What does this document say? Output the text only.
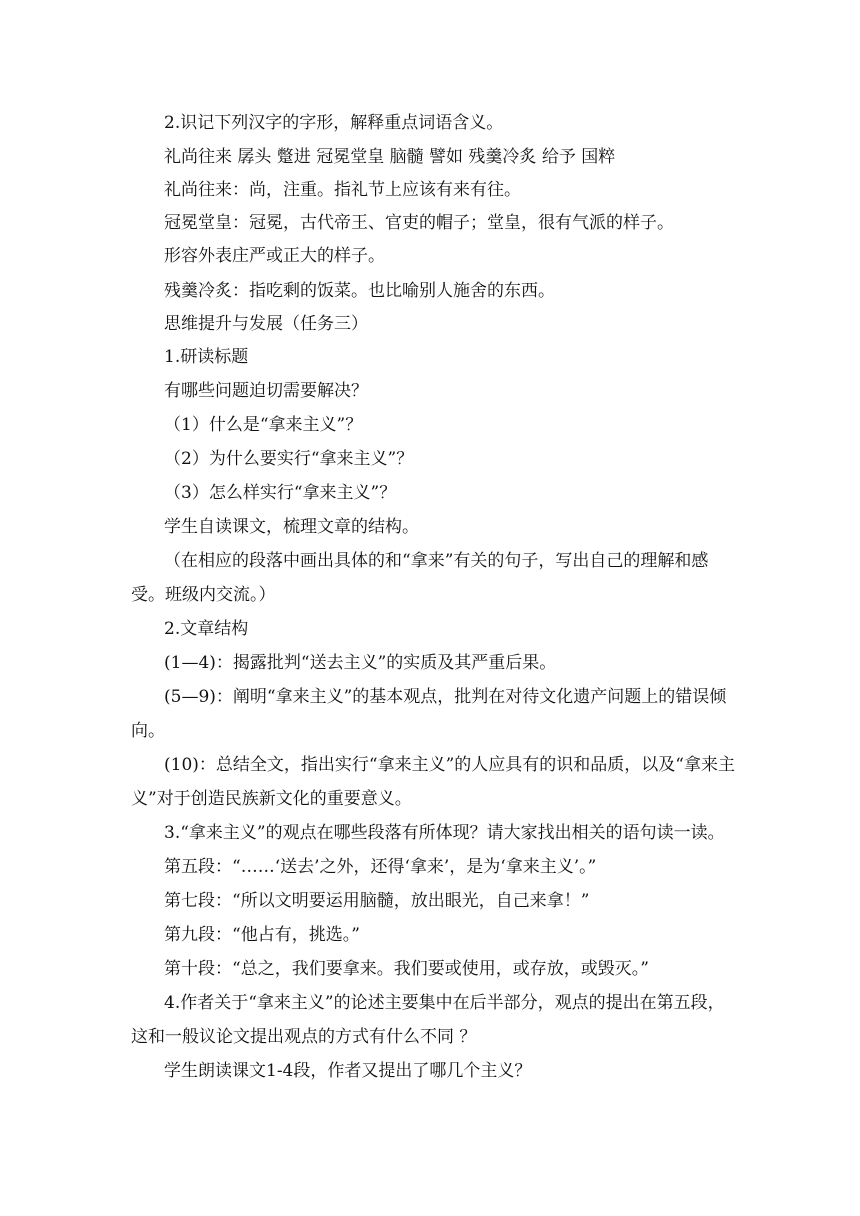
2.识记下列汉字的字形，解释重点词语含义。
礼尚往来 孱头 蹩进 冠冕堂皇 脑髓 譬如 残羹冷炙 给予 国粹
礼尚往来：尚，注重。指礼节上应该有来有往。
冠冕堂皇：冠冕，古代帝王、官吏的帽子；堂皇，很有气派的样子。
形容外表庄严或正大的样子。
残羹冷炙：指吃剩的饭菜。也比喻别人施舍的东西。
思维提升与发展（任务三）
1.研读标题
有哪些问题迫切需要解决？
（1）什么是“拿来主义”？
（2）为什么要实行“拿来主义”？
（3）怎么样实行“拿来主义”？
学生自读课文，梳理文章的结构。
（在相应的段落中画出具体的和“拿来”有关的句子，写出自己的理解和感
受。班级内交流。）
2.文章结构
(1—4)：揭露批判“送去主义”的实质及其严重后果。
(5—9)：阐明“拿来主义”的基本观点，批判在对待文化遗产问题上的错误倾
向。
(10)：总结全文，指出实行“拿来主义”的人应具有的识和品质，以及“拿来主
义”对于创造民族新文化的重要意义。
3.“拿来主义”的观点在哪些段落有所体现？请大家找出相关的语句读一读。
第五段：“……‘送去’之外，还得‘拿来’，是为‘拿来主义’。”
第七段：“所以文明要运用脑髓，放出眼光，自己来拿！”
第九段：“他占有，挑选。”
第十段：“总之，我们要拿来。我们要或使用，或存放，或毁灭。”
4.作者关于“拿来主义”的论述主要集中在后半部分，观点的提出在第五段，
这和一般议论文提出观点的方式有什么不同 ？
学生朗读课文1-4段，作者又提出了哪几个主义？
